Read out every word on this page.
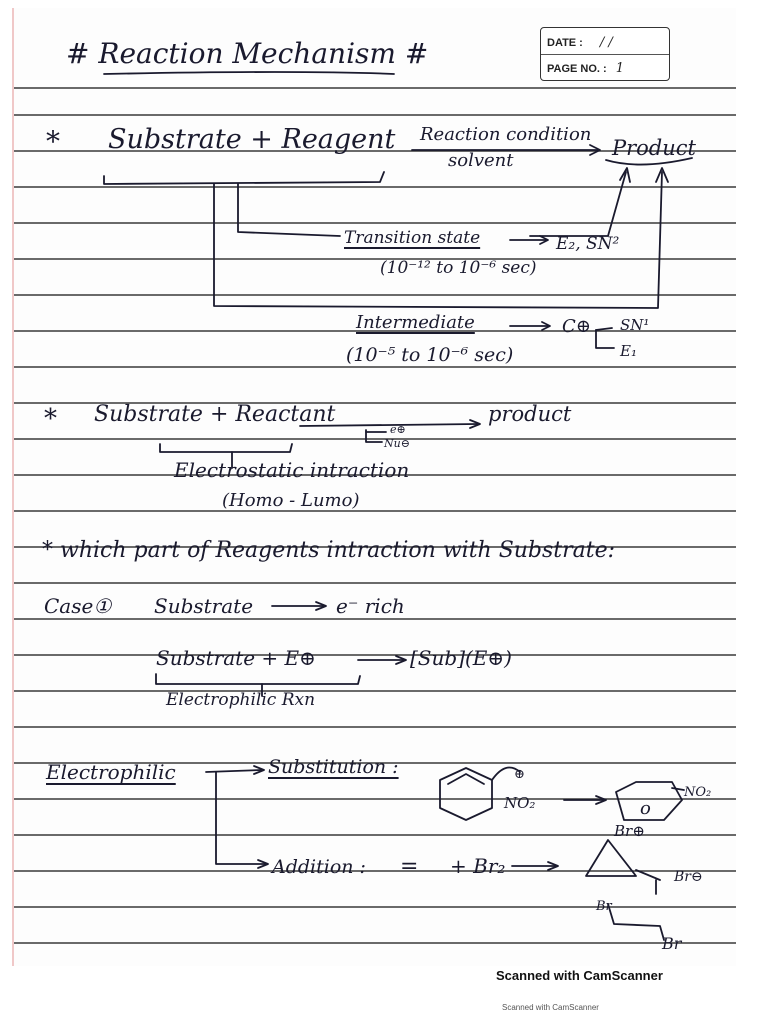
DATE : / /
PAGE NO. : 1
# Reaction Mechanism #
* Substrate + Reagent Reaction condition
solvent
Product
Transition state	E₂, SN²
(10⁻¹² to 10⁻⁶ sec)
Intermediate	C⊕ SN¹
E₁
(10⁻⁵ to 10⁻⁶ sec)
* Substrate + Reactant	product
e⊕
Nu⊖
Electrostatic intraction
(Homo - Lumo)
* which part of Reagents intraction with Substrate:
Case① Substrate	e⁻ rich
Substrate + E⊕	[Sub](E⊕)
Electrophilic Rxn
Electrophilic	Substitution :	⊕
NO₂	o
NO₂
Addition : = + Br₂
Br⊕
Br⊖
Br
Br
Scanned with CamScanner
Scanned with CamScanner
